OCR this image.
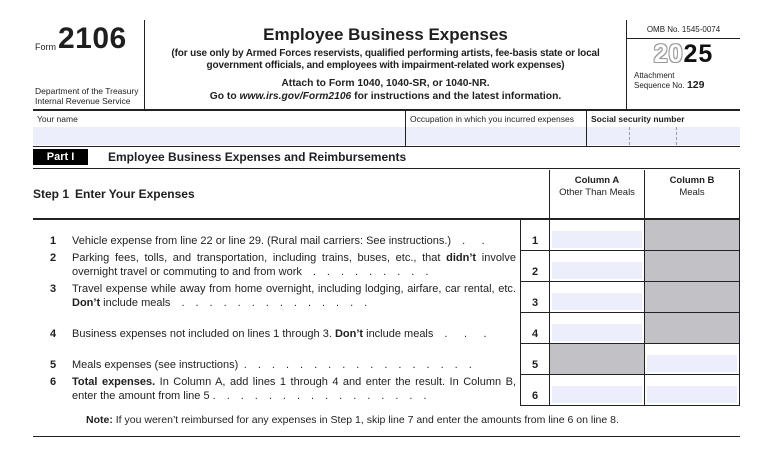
Form 2106
Department of the Treasury
Internal Revenue Service
Employee Business Expenses
(for use only by Armed Forces reservists, qualified performing artists, fee-basis state or local
government officials, and employees with impairment-related work expenses)
Attach to Form 1040, 1040-SR, or 1040-NR.
Go to www.irs.gov/Form2106 for instructions and the latest information.
OMB No. 1545-0074
2025
Attachment
Sequence No. 129
Your name	Occupation in which you incurred expenses	Social security number
Part I	Employee Business Expenses and Reimbursements
Step 1 Enter Your Expenses
Column A
Other Than Meals
Column B
Meals
1	Vehicle expense from line 22 or line 29. (Rural mail carriers: See instructions.)  .   .	1
2	Parking fees, tolls, and transportation, including trains, buses, etc., that didn’t involve overnight travel or commuting to and from work  .  .  .  .  .  .  .  .  .	2
3	Travel expense while away from home overnight, including lodging, airfare, car rental, etc. Don’t include meals  .  .  .  .  .  .  .  .  .  .  .  .  .  .	3
4	Business expenses not included on lines 1 through 3. Don’t include meals  .   .   .	4
5	Meals expenses (see instructions) .  .  .  .  .  .  .  .  .  .  .  .  .  .  .  .  .	5
6	Total expenses. In Column A, add lines 1 through 4 and enter the result. In Column B, enter the amount from line 5 .  .  .  .  .  .  .  .  .  .  .  .  .  .  .  .	6
Note: If you weren’t reimbursed for any expenses in Step 1, skip line 7 and enter the amounts from line 6 on line 8.
